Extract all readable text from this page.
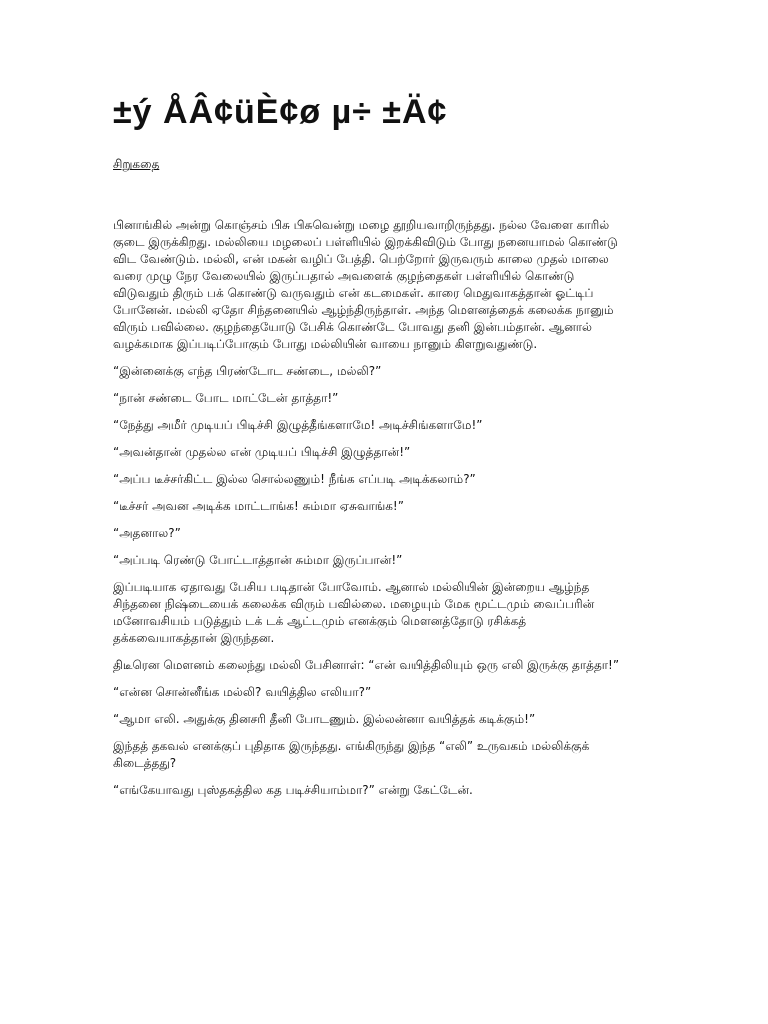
±ý ÅÂ¢üÈ¢ø µ÷ ±Ä¢
சிறுகதை

பினாங்கில் அன்று கொஞ்சம் பிசு பிசுவென்று மழை தூறியவாறிருந்தது. நல்ல வேளை காரில் குடை இருக்கிறது. மல்லியை மழலைப் பள்ளியில் இறக்கிவிடும் போது நனையாமல் கொண்டு விட வேண்டும். மல்லி, என் மகன் வழிப் பேத்தி. பெற்றோர் இருவரும் காலை முதல் மாலை வரை முழு நேர வேலையில் இருப்பதால் அவளைக் குழந்தைகள் பள்ளியில் கொண்டு விடுவதும் திரும் பக் கொண்டு வருவதும் என் கடமைகள். காரை மெதுவாகத்தான் ஓட்டிப் போனேன். மல்லி ஏதோ சிந்தனையில் ஆழ்ந்திருந்தாள். அந்த மௌனத்தைக் கலைக்க நானும் விரும் பவில்லை. குழந்தையோடு பேசிக் கொண்டே போவது தனி இன்பம்தான். ஆனால் வழக்கமாக இப்படிப்போகும் போது மல்லியின் வாயை நானும் கிளறுவதுண்டு.

“இன்னைக்கு எந்த பிரண்டோட சண்டை, மல்லி?”

“நான் சண்டை போட மாட்டேன் தாத்தா!”

“நேத்து அமீர் முடியப் பிடிச்சி இழுத்தீங்களாமே! அடிச்சிங்களாமே!”

“அவன்தான் முதல்ல என் முடியப் பிடிச்சி இழுத்தான்!”

“அப்ப டீச்சர்கிட்ட இல்ல சொல்லணும்! நீங்க எப்படி அடிக்கலாம்?”

“டீச்சர் அவன அடிக்க மாட்டாங்க! சும்மா ஏசுவாங்க!”

“அதனால?”

“அப்படி ரெண்டு போட்டாத்தான் சும்மா இருப்பான்!”

இப்படியாக ஏதாவது பேசிய படிதான் போவோம். ஆனால் மல்லியின் இன்றைய ஆழ்ந்த சிந்தனை நிஷ்டையைக் கலைக்க விரும் பவில்லை. மழையும் மேக மூட்டமும் வைப்பரின் மனோவசியம் படுத்தும் டக் டக் ஆட்டமும் எனக்கும் மௌனத்தோடு ரசிக்கத் தக்கவையாகத்தான் இருந்தன.

திடீரென மௌனம் கலைந்து மல்லி பேசினாள்: “என் வயித்திலியும் ஒரு எலி இருக்கு தாத்தா!”

“என்ன சொன்னீங்க மல்லி? வயித்தில எலியா?”

“ஆமா எலி. அதுக்கு தினசரி தீனி போடணும். இல்லன்னா வயித்தக் கடிக்கும்!”

இந்தத் தகவல் எனக்குப் புதிதாக இருந்தது. எங்கிருந்து இந்த “எலி” உருவகம் மல்லிக்குக் கிடைத்தது?

“எங்கேயாவது புஸ்தகத்தில கத படிச்சியாம்மா?” என்று கேட்டேன்.
